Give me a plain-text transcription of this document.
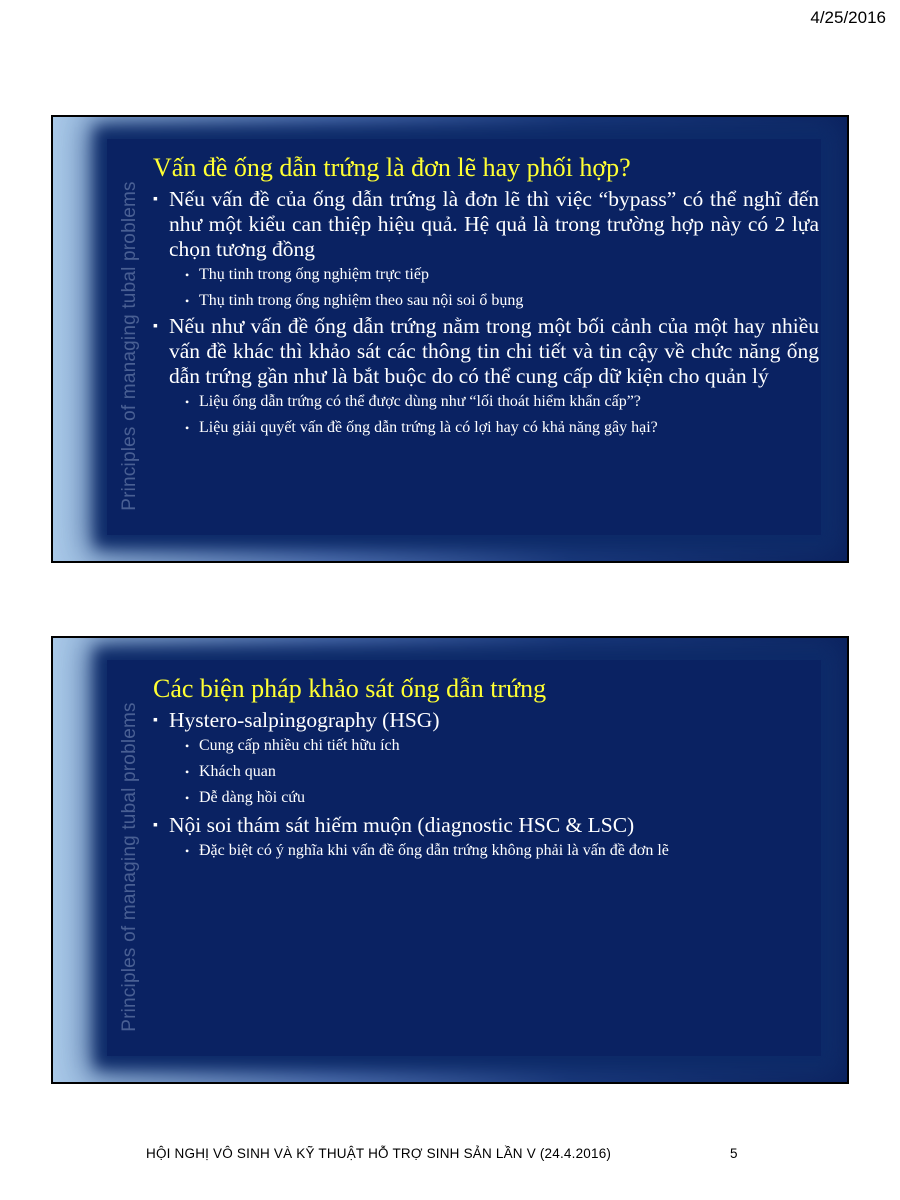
4/25/2016
Principles of managing tubal problems
Vấn đề ống dẫn trứng là đơn lẽ hay phối hợp?
▪ Nếu vấn đề của ống dẫn trứng là đơn lẽ thì việc “bypass” có thể nghĩ đến như một kiểu can thiệp hiệu quả. Hệ quả là trong trường hợp này có 2 lựa chọn tương đồng
• Thụ tinh trong ống nghiệm trực tiếp
• Thụ tinh trong ống nghiệm theo sau nội soi ổ bụng
▪ Nếu như vấn đề ống dẫn trứng nằm trong một bối cảnh của một hay nhiều vấn đề khác thì khảo sát các thông tin chi tiết và tin cậy về chức năng ống dẫn trứng gần như là bắt buộc do có thể cung cấp dữ kiện cho quản lý
• Liệu ống dẫn trứng có thể được dùng như “lối thoát hiểm khẩn cấp”?
• Liệu giải quyết vấn đề ống dẫn trứng là có lợi hay có khả năng gây hại?
Principles of managing tubal problems
Các biện pháp khảo sát ống dẫn trứng
▪ Hystero-salpingography (HSG)
• Cung cấp nhiều chi tiết hữu ích
• Khách quan
• Dễ dàng hồi cứu
▪ Nội soi thám sát hiếm muộn (diagnostic HSC & LSC)
• Đặc biệt có ý nghĩa khi vấn đề ống dẫn trứng không phải là vấn đề đơn lẽ
HỘI NGHỊ VÔ SINH VÀ KỸ THUẬT HỖ TRỢ SINH SẢN LẦN V (24.4.2016)	5
